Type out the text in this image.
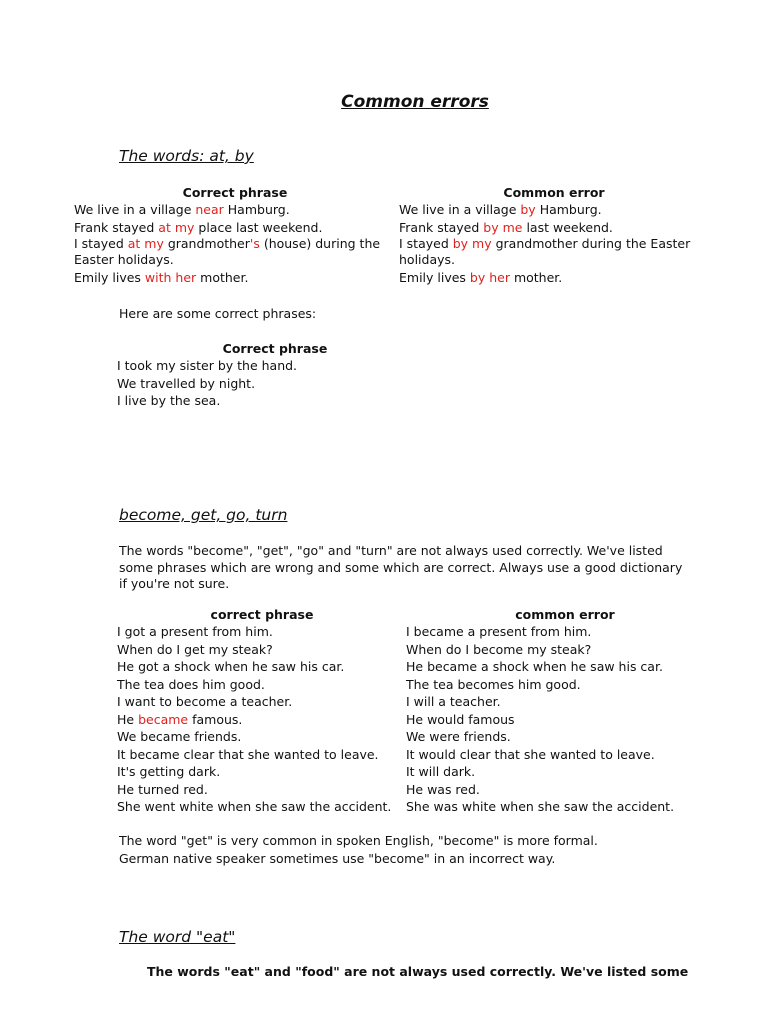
Common errors
The words: at, by
Correct phrase
We live in a village near Hamburg.
Frank stayed at my place last weekend.
I stayed at my grandmother's (house) during the Easter holidays.
Emily lives with her mother.
Common error
We live in a village by Hamburg.
Frank stayed by me last weekend.
I stayed by my grandmother during the Easter holidays.
Emily lives by her mother.
Here are some correct phrases:
Correct phrase
I took my sister by the hand.
We travelled by night.
I live by the sea.
become, get, go, turn
The words "become", "get", "go" and "turn" are not always used correctly. We've listed
some phrases which are wrong and some which are correct. Always use a good dictionary
if you're not sure.
correct phrase
I got a present from him.
When do I get my steak?
He got a shock when he saw his car.
The tea does him good.
I want to become a teacher.
He became famous.
We became friends.
It became clear that she wanted to leave.
It's getting dark.
He turned red.
She went white when she saw the accident.
common error
I became a present from him.
When do I become my steak?
He became a shock when he saw his car.
The tea becomes him good.
I will a teacher.
He would famous
We were friends.
It would clear that she wanted to leave.
It will dark.
He was red.
She was white when she saw the accident.
The word "get" is very common in spoken English, "become" is more formal.
German native speaker sometimes use "become" in an incorrect way.
The word "eat"
The words "eat" and "food" are not always used correctly. We've listed some
